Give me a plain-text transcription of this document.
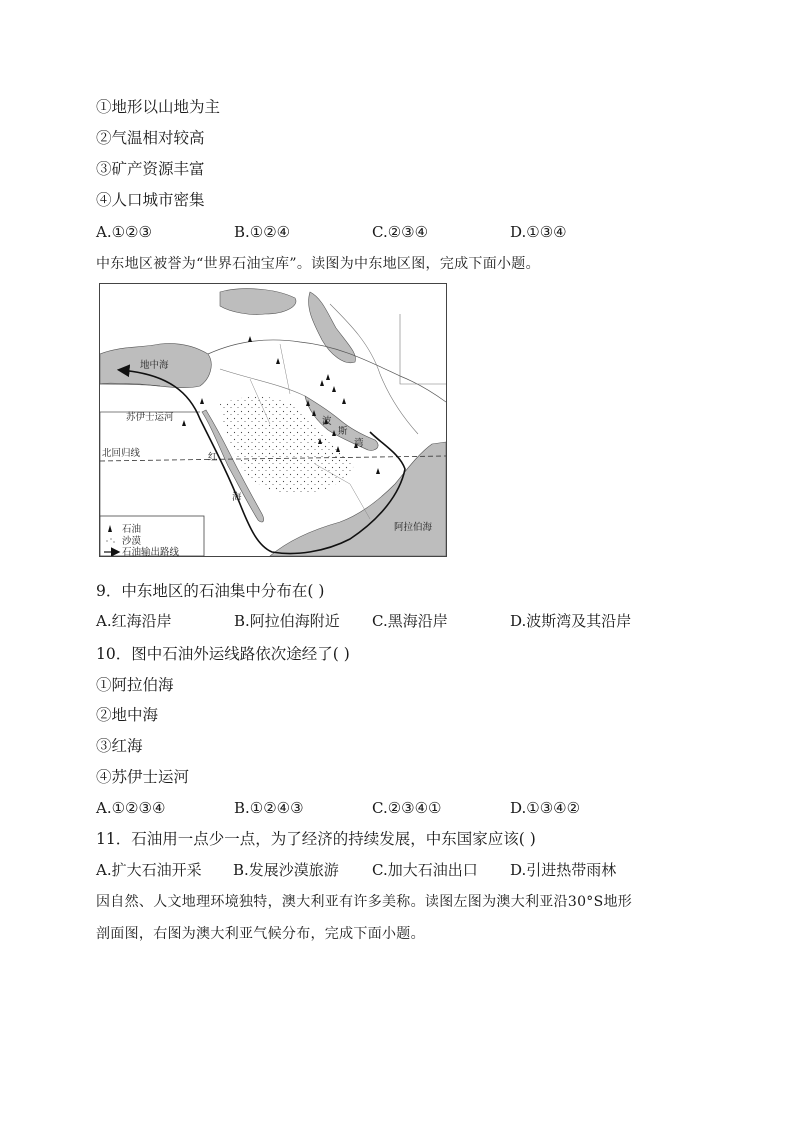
①地形以山地为主
②气温相对较高
③矿产资源丰富
④人口城市密集
A.①②③	B.①②④	C.②③④	D.①③④
中东地区被誉为“世界石油宝库”。读图为中东地区图，完成下面小题。
地中海
苏伊士运河
北回归线	红
海
波
斯
湾
阿拉伯海
石油
沙漠
石油输出路线
9．中东地区的石油集中分布在( )
A.红海沿岸	B.阿拉伯海附近 C.黑海沿岸	D.波斯湾及其沿岸
10．图中石油外运线路依次途经了( )
①阿拉伯海
②地中海
③红海
④苏伊士运河
A.①②③④	B.①②④③	C.②③④①	D.①③④②
11．石油用一点少一点，为了经济的持续发展，中东国家应该( )
A.扩大石油开采 B.发展沙漠旅游 C.加大石油出口 D.引进热带雨林
因自然、人文地理环境独特，澳大利亚有许多美称。读图左图为澳大利亚沿30°S地形
剖面图，右图为澳大利亚气候分布，完成下面小题。
